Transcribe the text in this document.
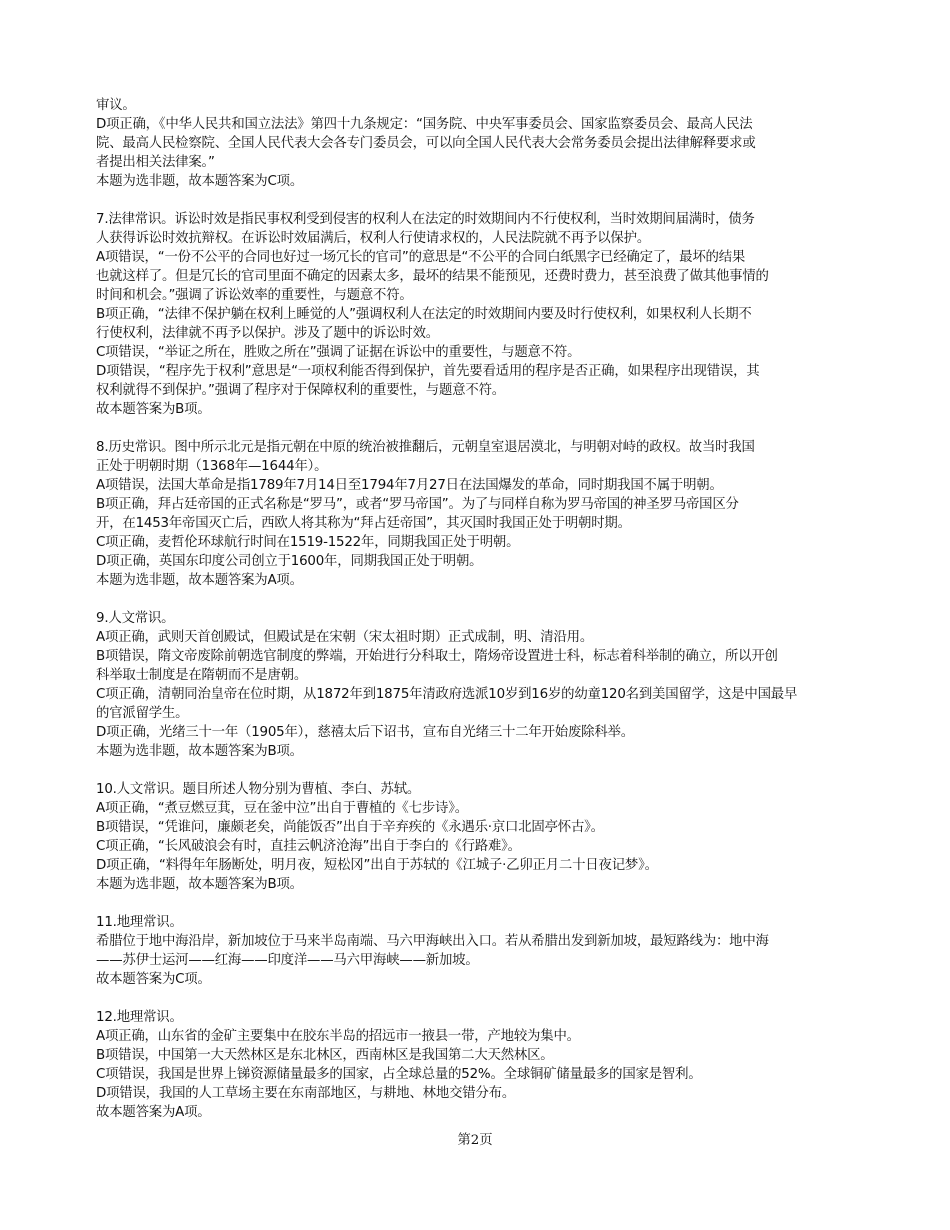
审议。
D项正确，《中华人民共和国立法法》第四十九条规定：“国务院、中央军事委员会、国家监察委员会、最高人民法
院、最高人民检察院、全国人民代表大会各专门委员会，可以向全国人民代表大会常务委员会提出法律解释要求或
者提出相关法律案。”
本题为选非题，故本题答案为C项。
7.法律常识。诉讼时效是指民事权利受到侵害的权利人在法定的时效期间内不行使权利，当时效期间届满时，债务
人获得诉讼时效抗辩权。在诉讼时效届满后，权利人行使请求权的，人民法院就不再予以保护。
A项错误，“一份不公平的合同也好过一场冗长的官司”的意思是“不公平的合同白纸黑字已经确定了，最坏的结果
也就这样了。但是冗长的官司里面不确定的因素太多，最坏的结果不能预见，还费时费力，甚至浪费了做其他事情的
时间和机会。”强调了诉讼效率的重要性，与题意不符。
B项正确，“法律不保护躺在权利上睡觉的人”强调权利人在法定的时效期间内要及时行使权利，如果权利人长期不
行使权利，法律就不再予以保护。涉及了题中的诉讼时效。
C项错误，“举证之所在，胜败之所在”强调了证据在诉讼中的重要性，与题意不符。
D项错误，“程序先于权利”意思是“一项权利能否得到保护，首先要看适用的程序是否正确，如果程序出现错误，其
权利就得不到保护。”强调了程序对于保障权利的重要性，与题意不符。
故本题答案为B项。
8.历史常识。图中所示北元是指元朝在中原的统治被推翻后，元朝皇室退居漠北，与明朝对峙的政权。故当时我国
正处于明朝时期（1368年—1644年）。
A项错误，法国大革命是指1789年7月14日至1794年7月27日在法国爆发的革命，同时期我国不属于明朝。
B项正确，拜占廷帝国的正式名称是“罗马”，或者“罗马帝国”。为了与同样自称为罗马帝国的神圣罗马帝国区分
开，在1453年帝国灭亡后，西欧人将其称为“拜占廷帝国”，其灭国时我国正处于明朝时期。
C项正确，麦哲伦环球航行时间在1519-1522年，同期我国正处于明朝。
D项正确，英国东印度公司创立于1600年，同期我国正处于明朝。
本题为选非题，故本题答案为A项。
9.人文常识。
A项正确，武则天首创殿试，但殿试是在宋朝（宋太祖时期）正式成制，明、清沿用。
B项错误，隋文帝废除前朝选官制度的弊端，开始进行分科取士，隋炀帝设置进士科，标志着科举制的确立，所以开创
科举取士制度是在隋朝而不是唐朝。
C项正确，清朝同治皇帝在位时期，从1872年到1875年清政府选派10岁到16岁的幼童120名到美国留学，这是中国最早
的官派留学生。
D项正确，光绪三十一年（1905年），慈禧太后下诏书，宣布自光绪三十二年开始废除科举。
本题为选非题，故本题答案为B项。
10.人文常识。题目所述人物分别为曹植、李白、苏轼。
A项正确，“煮豆燃豆萁，豆在釜中泣”出自于曹植的《七步诗》。
B项错误，“凭谁问，廉颇老矣，尚能饭否”出自于辛弃疾的《永遇乐·京口北固亭怀古》。
C项正确，“长风破浪会有时，直挂云帆济沧海”出自于李白的《行路难》。
D项正确，“料得年年肠断处，明月夜，短松冈”出自于苏轼的《江城子·乙卯正月二十日夜记梦》。
本题为选非题，故本题答案为B项。
11.地理常识。
希腊位于地中海沿岸，新加坡位于马来半岛南端、马六甲海峡出入口。若从希腊出发到新加坡，最短路线为：地中海
——苏伊士运河——红海——印度洋——马六甲海峡——新加坡。
故本题答案为C项。
12.地理常识。
A项正确，山东省的金矿主要集中在胶东半岛的招远市一掖县一带，产地较为集中。
B项错误，中国第一大天然林区是东北林区，西南林区是我国第二大天然林区。
C项错误，我国是世界上锑资源储量最多的国家，占全球总量的52%。全球铜矿储量最多的国家是智利。
D项错误，我国的人工草场主要在东南部地区，与耕地、林地交错分布。
故本题答案为A项。
第2页
